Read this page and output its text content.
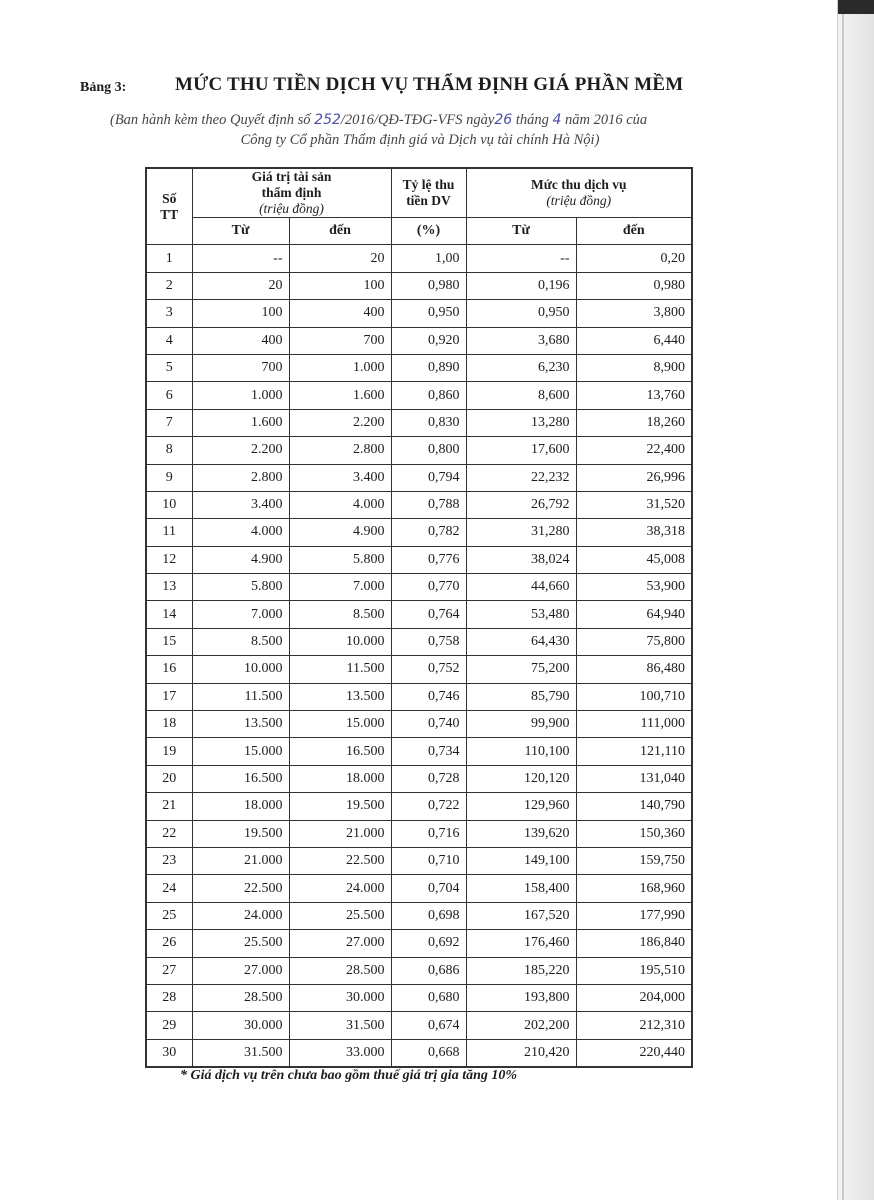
Bảng 3:	MỨC THU TIỀN DỊCH VỤ THẨM ĐỊNH GIÁ PHẦN MỀM
(Ban hành kèm theo Quyết định số 252/2016/QĐ-TĐG-VFS ngày26 tháng 4 năm 2016 của
Công ty Cổ phần Thẩm định giá và Dịch vụ tài chính Hà Nội)
Số
TT	Giá trị tài sản
thẩm định
(triệu đồng)		Tỷ lệ thu
tiền DV	Mức thu dịch vụ
(triệu đồng)	

	Từ	đến	(%)	Từ	đến
1	--	20	1,00	--	0,20
2	20	100	0,980	0,196	0,980
3	100	400	0,950	0,950	3,800
4	400	700	0,920	3,680	6,440
5	700	1.000	0,890	6,230	8,900
6	1.000	1.600	0,860	8,600	13,760
7	1.600	2.200	0,830	13,280	18,260
8	2.200	2.800	0,800	17,600	22,400
9	2.800	3.400	0,794	22,232	26,996
10	3.400	4.000	0,788	26,792	31,520
11	4.000	4.900	0,782	31,280	38,318
12	4.900	5.800	0,776	38,024	45,008
13	5.800	7.000	0,770	44,660	53,900
14	7.000	8.500	0,764	53,480	64,940
15	8.500	10.000	0,758	64,430	75,800
16	10.000	11.500	0,752	75,200	86,480
17	11.500	13.500	0,746	85,790	100,710
18	13.500	15.000	0,740	99,900	111,000
19	15.000	16.500	0,734	110,100	121,110
20	16.500	18.000	0,728	120,120	131,040
21	18.000	19.500	0,722	129,960	140,790
22	19.500	21.000	0,716	139,620	150,360
23	21.000	22.500	0,710	149,100	159,750
24	22.500	24.000	0,704	158,400	168,960
25	24.000	25.500	0,698	167,520	177,990
26	25.500	27.000	0,692	176,460	186,840
27	27.000	28.500	0,686	185,220	195,510
28	28.500	30.000	0,680	193,800	204,000
29	30.000	31.500	0,674	202,200	212,310
30	31.500	33.000	0,668	210,420	220,440
* Giá dịch vụ trên chưa bao gồm thuế giá trị gia tăng 10%
